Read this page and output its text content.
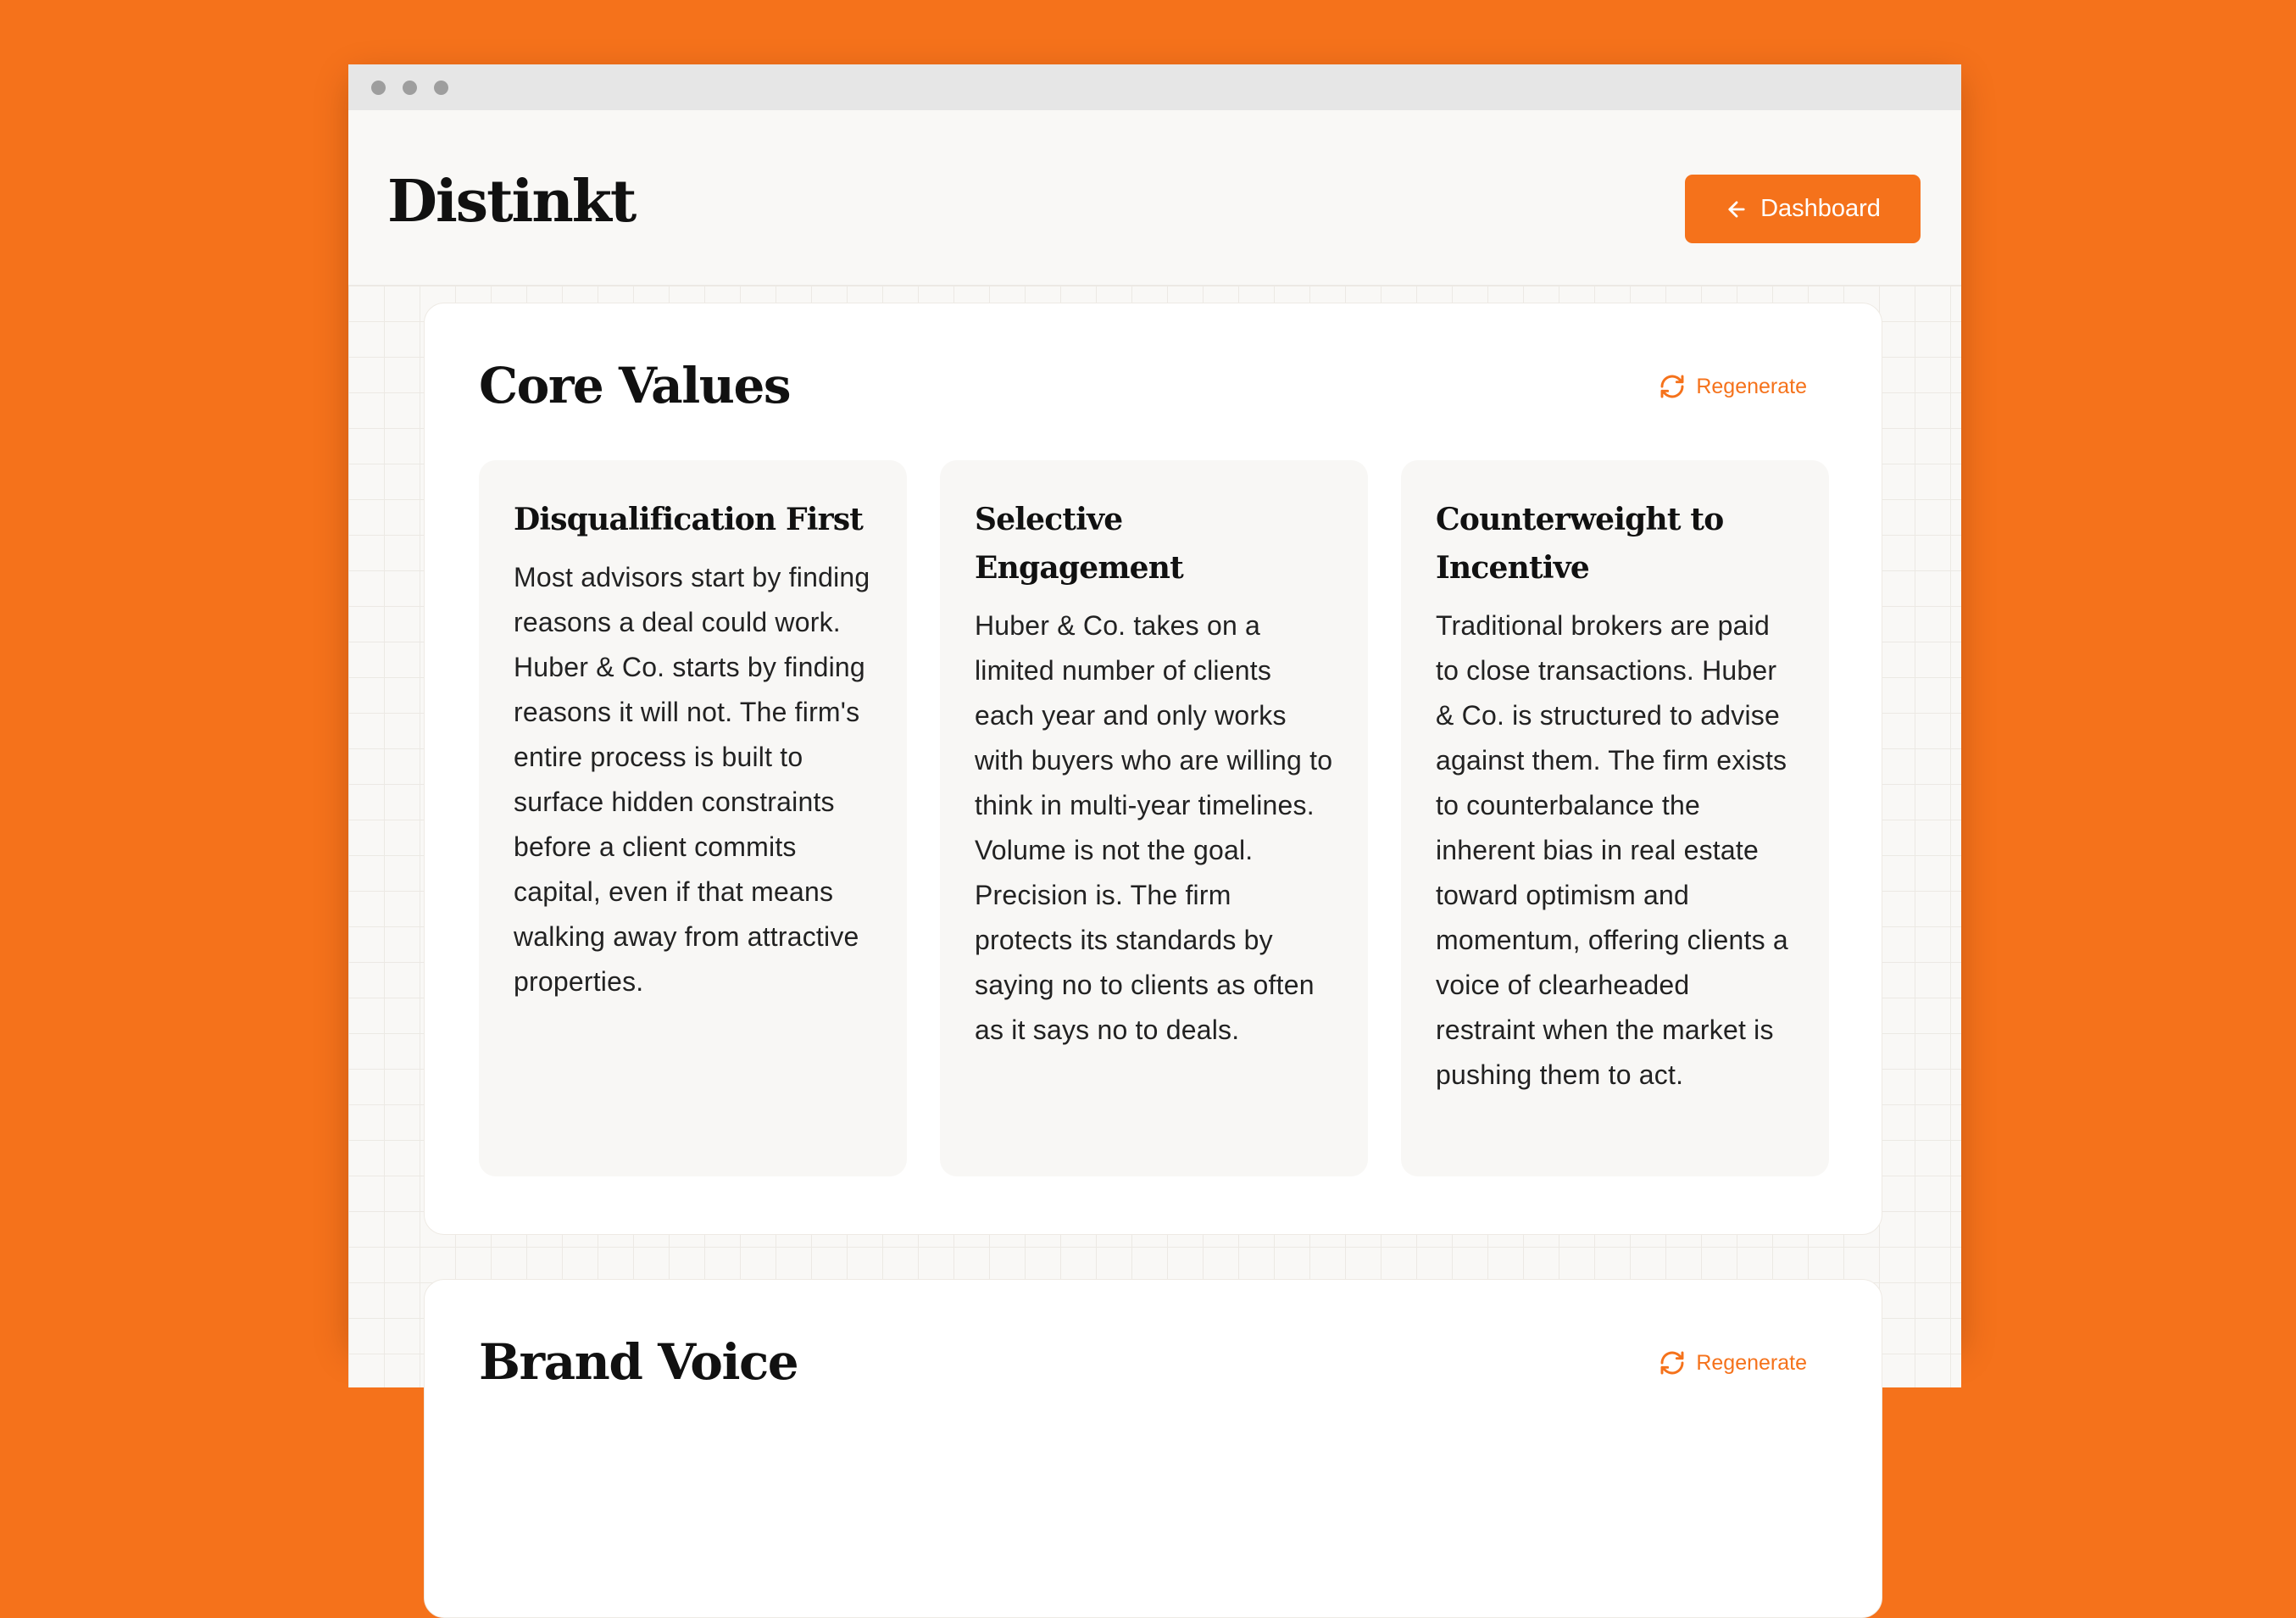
Distinkt	Dashboard
Core Values	Regenerate
Disqualification First

Most advisors start by finding reasons a deal could work. Huber & Co. starts by finding reasons it will not. The firm's entire process is built to surface hidden constraints before a client commits capital, even if that means walking away from attractive properties.

Selective Engagement

Huber & Co. takes on a limited number of clients each year and only works with buyers who are willing to think in multi-year timelines. Volume is not the goal. Precision is. The firm protects its standards by saying no to clients as often as it says no to deals.

Counterweight to Incentive

Traditional brokers are paid to close transactions. Huber & Co. is structured to advise against them. The firm exists to counterbalance the inherent bias in real estate toward optimism and momentum, offering clients a voice of clearheaded restraint when the market is pushing them to act.

Brand Voice	Regenerate
